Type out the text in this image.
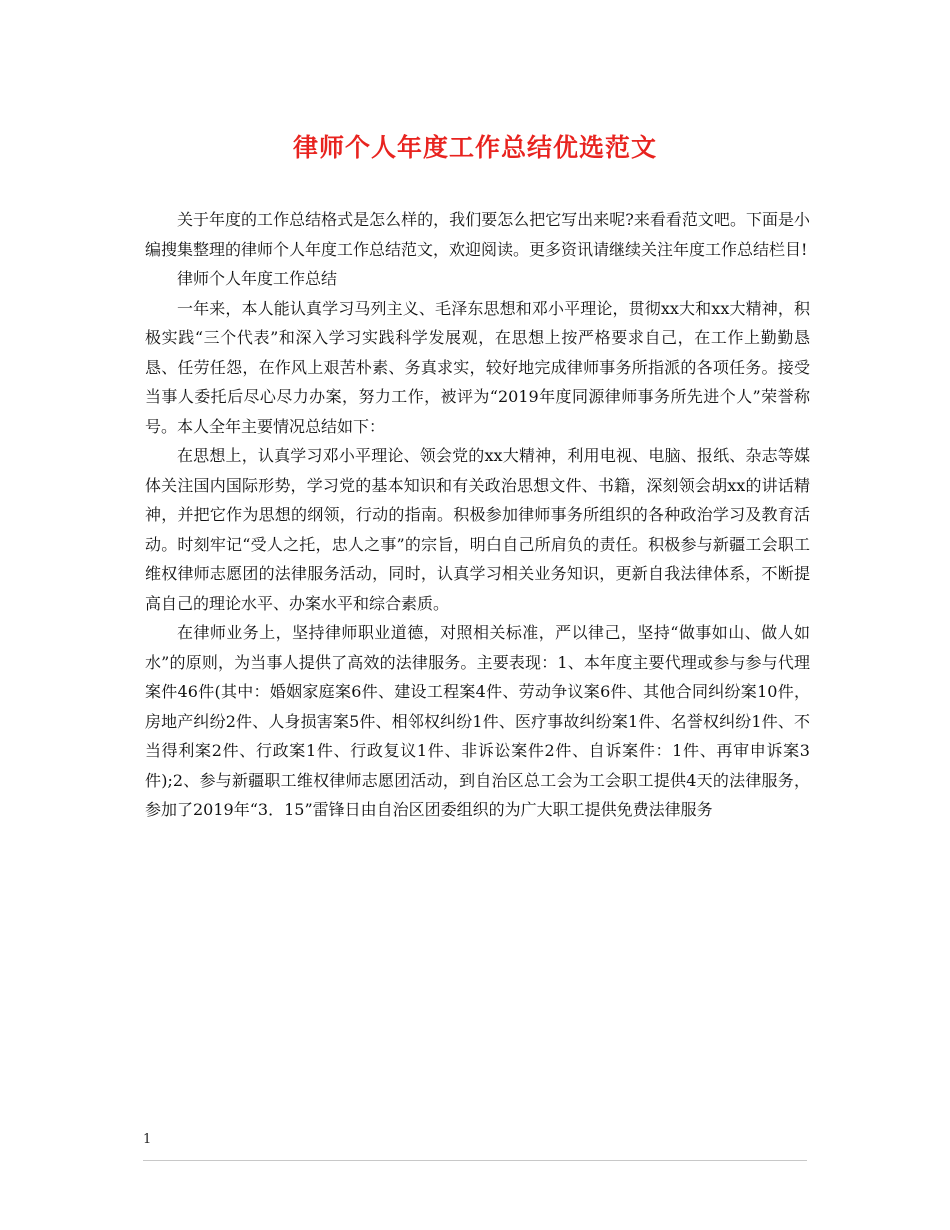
律师个人年度工作总结优选范文

关于年度的工作总结格式是怎么样的，我们要怎么把它写出来呢?来看看范文吧。下面是小编搜集整理的律师个人年度工作总结范文，欢迎阅读。更多资讯请继续关注年度工作总结栏目!

律师个人年度工作总结

一年来，本人能认真学习马列主义、毛泽东思想和邓小平理论，贯彻xx大和xx大精神，积极实践“三个代表”和深入学习实践科学发展观，在思想上按严格要求自己，在工作上勤勤恳恳、任劳任怨，在作风上艰苦朴素、务真求实，较好地完成律师事务所指派的各项任务。接受当事人委托后尽心尽力办案，努力工作，被评为“2019年度同源律师事务所先进个人”荣誉称号。本人全年主要情况总结如下：

在思想上，认真学习邓小平理论、领会党的xx大精神，利用电视、电脑、报纸、杂志等媒体关注国内国际形势，学习党的基本知识和有关政治思想文件、书籍，深刻领会胡xx的讲话精神，并把它作为思想的纲领，行动的指南。积极参加律师事务所组织的各种政治学习及教育活动。时刻牢记“受人之托，忠人之事”的宗旨，明白自己所肩负的责任。积极参与新疆工会职工维权律师志愿团的法律服务活动，同时，认真学习相关业务知识，更新自我法律体系，不断提高自己的理论水平、办案水平和综合素质。

在律师业务上，坚持律师职业道德，对照相关标准，严以律己，坚持“做事如山、做人如水”的原则，为当事人提供了高效的法律服务。主要表现：1、本年度主要代理或参与参与代理案件46件(其中：婚姻家庭案6件、建设工程案4件、劳动争议案6件、其他合同纠纷案10件，房地产纠纷2件、人身损害案5件、相邻权纠纷1件、医疗事故纠纷案1件、名誉权纠纷1件、不当得利案2件、行政案1件、行政复议1件、非诉讼案件2件、自诉案件：1件、再审申诉案3件);2、参与新疆职工维权律师志愿团活动，到自治区总工会为工会职工提供4天的法律服务，参加了2019年“3．15”雷锋日由自治区团委组织的为广大职工提供免费法律服务

1
